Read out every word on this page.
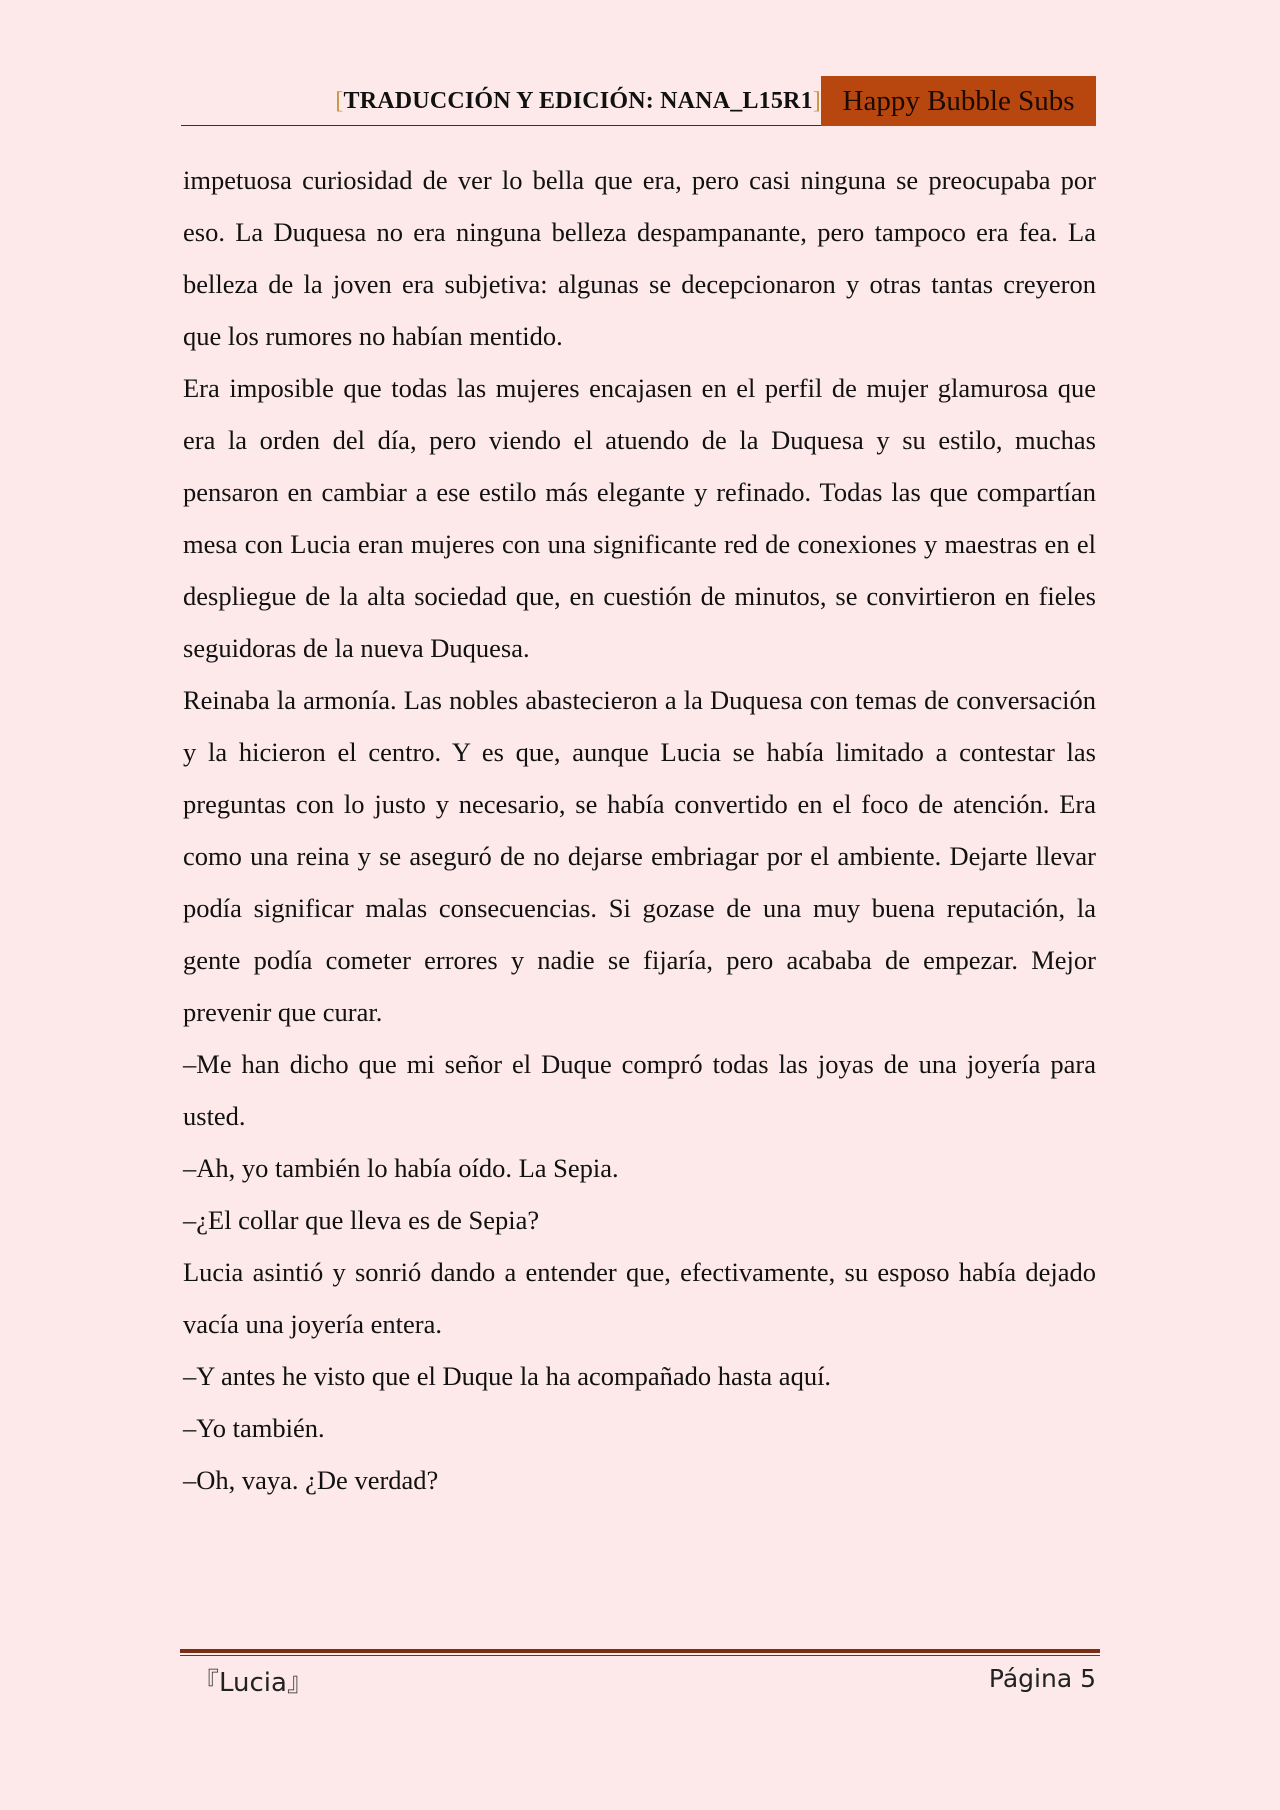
[TRADUCCIÓN Y EDICIÓN: NANA_L15R1] Happy Bubble Subs

impetuosa curiosidad de ver lo bella que era, pero casi ninguna se preocupaba por eso. La Duquesa no era ninguna belleza despampanante, pero tampoco era fea. La belleza de la joven era subjetiva: algunas se decepcionaron y otras tantas creyeron que los rumores no habían mentido.

Era imposible que todas las mujeres encajasen en el perfil de mujer glamurosa que era la orden del día, pero viendo el atuendo de la Duquesa y su estilo, muchas pensaron en cambiar a ese estilo más elegante y refinado. Todas las que compartían mesa con Lucia eran mujeres con una significante red de conexiones y maestras en el despliegue de la alta sociedad que, en cuestión de minutos, se convirtieron en fieles seguidoras de la nueva Duquesa.

Reinaba la armonía. Las nobles abastecieron a la Duquesa con temas de conversación y la hicieron el centro. Y es que, aunque Lucia se había limitado a contestar las preguntas con lo justo y necesario, se había convertido en el foco de atención. Era como una reina y se aseguró de no dejarse embriagar por el ambiente. Dejarte llevar podía significar malas consecuencias. Si gozase de una muy buena reputación, la gente podía cometer errores y nadie se fijaría, pero acababa de empezar. Mejor prevenir que curar.

–Me han dicho que mi señor el Duque compró todas las joyas de una joyería para usted.

–Ah, yo también lo había oído. La Sepia.

–¿El collar que lleva es de Sepia?

Lucia asintió y sonrió dando a entender que, efectivamente, su esposo había dejado vacía una joyería entera.

–Y antes he visto que el Duque la ha acompañado hasta aquí.

–Yo también.

–Oh, vaya. ¿De verdad?

『Lucia』	Página 5
